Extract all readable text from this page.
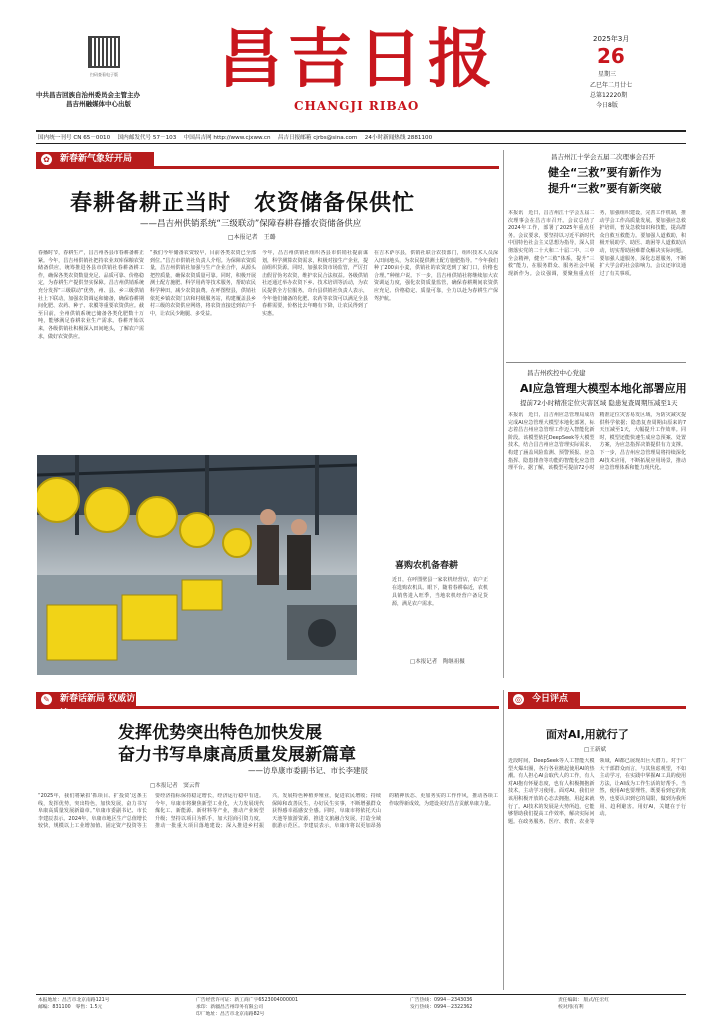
扫码查看电子版
中共昌吉回族自治州委员会主管主办
昌吉州融媒体中心出版
昌吉日报
CHANGJI RIBAO
2025年3月
26
星期三
乙巳年二月廿七
总第12220期
今日8版
国内统一刊号 CN 65－0010　 国内邮发代号 57－103　 中国昌吉网 http://www.cjxww.cn　 昌吉日报邮箱 cjrbs@sina.com　 24小时新闻热线 2881100
✿ 新春新气象好开局
春耕备耕正当时　农资储备保供忙
——昌吉州供销系统“三级联动”保障春耕春播农资储备供应
□本报记者　王璐
春播时节，春耕生产，昌吉州各县市春耕备耕正紧。今年，昌吉州供销社把持农业双库保粮农资储备供应，统筹推进各县市供销社春耕备耕工作，确保各类农资数量充足、品质可靠、价格稳定，为春耕生产提供坚实保障。昌吉州供销系统充分发挥“三级联动”优势，州、县、乡三级供销社上下联动，加强农资调运和储备，确保春耕期间化肥、农药、种子、农膜等重要农资供应。截至目前，全州供销系统已储备各类化肥数十万吨，能够满足春耕农业生产需求。春耕开始以来，各级供销社积极深入田间地头，了解农户需求，做好农资供应。
“我们今年储备农资较早，目前各类农资已全部到位。”昌吉市供销社负责人介绍。为保障农资质量，昌吉州供销社加强与生产企业合作，从源头把控质量，确保农资质量可靠。同时，积极开展测土配方施肥、科学用药等技术服务，帮助农民科学种田，减少农资浪费。在呼图壁县，供销社依托乡镇农资门店和村级服务站，构建覆盖县乡村三级的农资供应网络，将农资直接送到农户手中，让农民少跑腿、多受益。
今年，昌吉州供销社组织各县市供销社提前谋划，科学测算农资需求，积极对接生产企业，提前组织货源。同时，加强农资市场监管，严厉打击假冒伪劣农资，维护农民合法权益。各级供销社还通过举办农资下乡、技术培训等活动，为农民提供全方位服务。奇台县供销社负责人表示，今年他们储备的化肥、农药等农资可以满足全县春耕需要，价格比去年略有下降，让农民得到了实惠。
在吉木萨尔县，供销社联合农技部门，组织技术人员深入田间地头，为农民提供测土配方施肥指导。“今年我们种了200亩小麦，供销社的农资送到了家门口，价格也合理。”种植户说。下一步，昌吉州供销社将继续加大农资调运力度，强化农资质量监管，确保春耕期间农资供应充足、价格稳定、质量可靠，全力以赴为春耕生产保驾护航。
喜购农机备春耕
近日，在呼图壁县一家农机经营店，农户正在选购农机具。眼下，随着春耕临近，农机具销售进入旺季，当地农机经营户备足货源，满足农户需求。
□本报记者　陶继祖摄
昌吉州江十学会五届二次理事会召开
健全“三救”要有新作为
提升“三救”要有新突破
本报讯　近日，昌吉州江十学会五届二次理事会在昌吉市召开。会议总结了2024年工作，部署了2025年重点任务。会议要求，要坚持以习近平新时代中国特色社会主义思想为指导，深入贯彻落实党的二十大和二十届二中、三中全会精神，健全“三救”体系，提升“三救”能力，在服务群众、服务社会中展现新作为。会议强调，要聚焦重点任务，加强组织建设，完善工作机制，推动学会工作高质量发展。要加强应急救护培训，普及急救知识和技能，提高群众自救互救能力。要加强人道救助，积极开展助学、助医、助困等人道救助活动，切实帮助困难群众解决实际问题。要加强人道服务，深化志愿服务，不断扩大学会的社会影响力。会议还审议通过了有关事项。
昌吉州疾控中心党建
AI应急管理大模型本地化部署应用
提前72小时精准定位灾害区域 隐患复查周期压减至1天
本报讯　近日，昌吉州应急管理局成功完成AI应急管理大模型本地化部署，标志着昌吉州应急管理工作迈入智能化新阶段。该模型依托DeepSeek等大模型技术，结合昌吉州应急管理实际需求，构建了涵盖风险监测、预警预报、应急指挥、隐患排查等功能的智能化应急管理平台。据了解，该模型可提前72小时精准定位灾害易发区域，为防灾减灾提供科学依据；隐患复查周期由原来的7天压减至1天，大幅提升工作效率。同时，模型还能快速生成应急预案、处置方案，为应急指挥决策提供有力支撑。下一步，昌吉州应急管理局将持续深化AI技术应用，不断拓展应用场景，推动应急管理体系和能力现代化。
✎ 新春话新局 权威访谈
发挥优势突出特色加快发展
奋力书写阜康高质量发展新篇章
——访阜康市委副书记、市长李建辰
□本报记者　窦云哲
“2025年，我们将紧扣‘抓项目、扩投资’这条主线，发挥优势，突出特色，加快发展，奋力书写阜康高质量发展新篇章。”阜康市委副书记、市长李建辰表示。2024年，阜康市地区生产总值增长较快，规模以上工业增加值、固定资产投资等主要经济指标保持稳定增长，经济运行稳中有进。今年，阜康市将聚焦新型工业化，大力发展现代煤化工、新能源、新材料等产业，推动产业转型升级；坚持以项目为抓手，加大招商引资力度，推动一批重大项目落地建设；深入推进乡村振兴，发展特色种植养殖业，促进农民增收；持续保障和改善民生，办好民生实事，不断增强群众获得感幸福感安全感。同时，阜康市将依托天山天池等旅游资源，推进文旅融合发展，打造全域旅游示范区。李建辰表示，阜康市将以更加昂扬的精神状态、更加务实的工作作风，推动各项工作取得新成效，为建设美好昌吉贡献阜康力量。
◎ 今日评点
面对AI,用就行了
□王新斌
近段时间，DeepSeek等人工智能大模型火爆出圈，各行各业掀起使用AI的热潮。有人担心AI会取代人的工作，有人对AI抱有怀疑态度，也有人积极拥抱新技术，主动学习使用。面对AI，我们应该用积极开放的心态去拥抱，用起来就行了。AI技术的发展是大势所趋，它能够帮助我们提高工作效率，解决实际问题。在政务服务、医疗、教育、农业等领域，AI都已展现出巨大潜力。对于广大干部群众而言，与其焦虑观望，不如主动学习，在实践中掌握AI工具的使用方法，让AI成为工作生活的好帮手。当然，使用AI也要理性，既要看到它的优势，也要认识到它的局限，做到为我所用、趋利避害。用好AI，关键在于行动。
本报地址：昌吉市北京南路121号
邮编：831100　 零售：1.5元
广告经营许可证：新工商广字6523004000001
承印：新疆昌吉州印务有限公司
印厂地址：昌吉市北京南路82号
广告热线：0994－2343036
发行热线：0994－2322362
责任编辑： 版式/任宏红
校对/张有利
